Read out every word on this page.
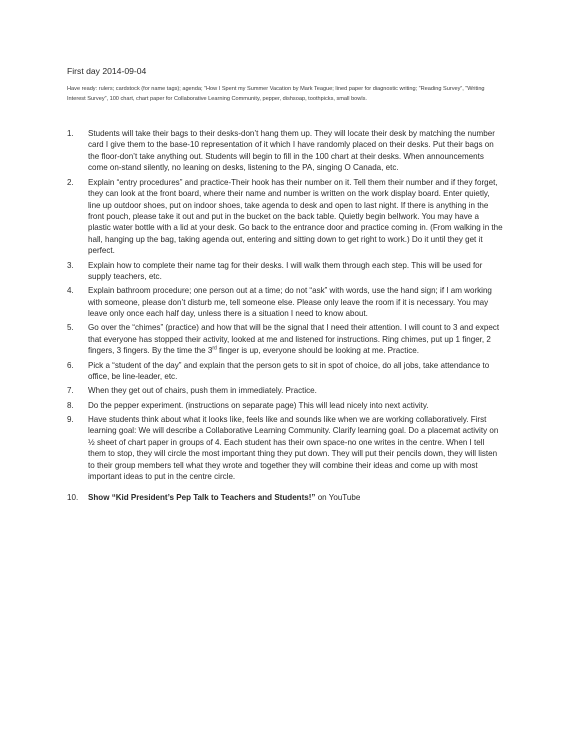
First day 2014-09-04
Have ready: rulers; cardstock (for name tags); agenda; “How I Spent my Summer Vacation by Mark Teague; lined paper for diagnostic writing; “Reading Survey”, “Writing Interest Survey”, 100 chart, chart paper for Collaborative Learning Community, pepper, dishsoap, toothpicks, small bowls.
1.	Students will take their bags to their desks-don’t hang them up. They will locate their desk by matching the number card I give them to the base-10 representation of it which I have randomly placed on their desks. Put their bags on the floor-don’t take anything out. Students will begin to fill in the 100 chart at their desks. When announcements come on-stand silently, no leaning on desks, listening to the PA, singing O Canada, etc.
2.	Explain “entry procedures” and practice-Their hook has their number on it. Tell them their number and if they forget, they can look at the front board, where their name and number is written on the work display board. Enter quietly, line up outdoor shoes, put on indoor shoes, take agenda to desk and open to last night. If there is anything in the front pouch, please take it out and put in the bucket on the back table. Quietly begin bellwork. You may have a plastic water bottle with a lid at your desk. Go back to the entrance door and practice coming in. (From walking in the hall, hanging up the bag, taking agenda out, entering and sitting down to get right to work.) Do it until they get it perfect.
3.	Explain how to complete their name tag for their desks. I will walk them through each step. This will be used for supply teachers, etc.
4.	Explain bathroom procedure; one person out at a time; do not “ask” with words, use the hand sign; if I am working with someone, please don’t disturb me, tell someone else. Please only leave the room if it is necessary. You may leave only once each half day, unless there is a situation I need to know about.
5.	Go over the “chimes” (practice) and how that will be the signal that I need their attention. I will count to 3 and expect that everyone has stopped their activity, looked at me and listened for instructions. Ring chimes, put up 1 finger, 2 fingers, 3 fingers. By the time the 3rd finger is up, everyone should be looking at me. Practice.
6.	Pick a “student of the day” and explain that the person gets to sit in spot of choice, do all jobs, take attendance to office, be line-leader, etc.
7.	When they get out of chairs, push them in immediately. Practice.
8.	Do the pepper experiment. (instructions on separate page) This will lead nicely into next activity.
9.	Have students think about what it looks like, feels like and sounds like when we are working collaboratively. First learning goal: We will describe a Collaborative Learning Community. Clarify learning goal. Do a placemat activity on ½ sheet of chart paper in groups of 4. Each student has their own space-no one writes in the centre. When I tell them to stop, they will circle the most important thing they put down. They will put their pencils down, they will listen to their group members tell what they wrote and together they will combine their ideas and come up with most important ideas to put in the centre circle.
10.	Show “Kid President’s Pep Talk to Teachers and Students!” on YouTube
